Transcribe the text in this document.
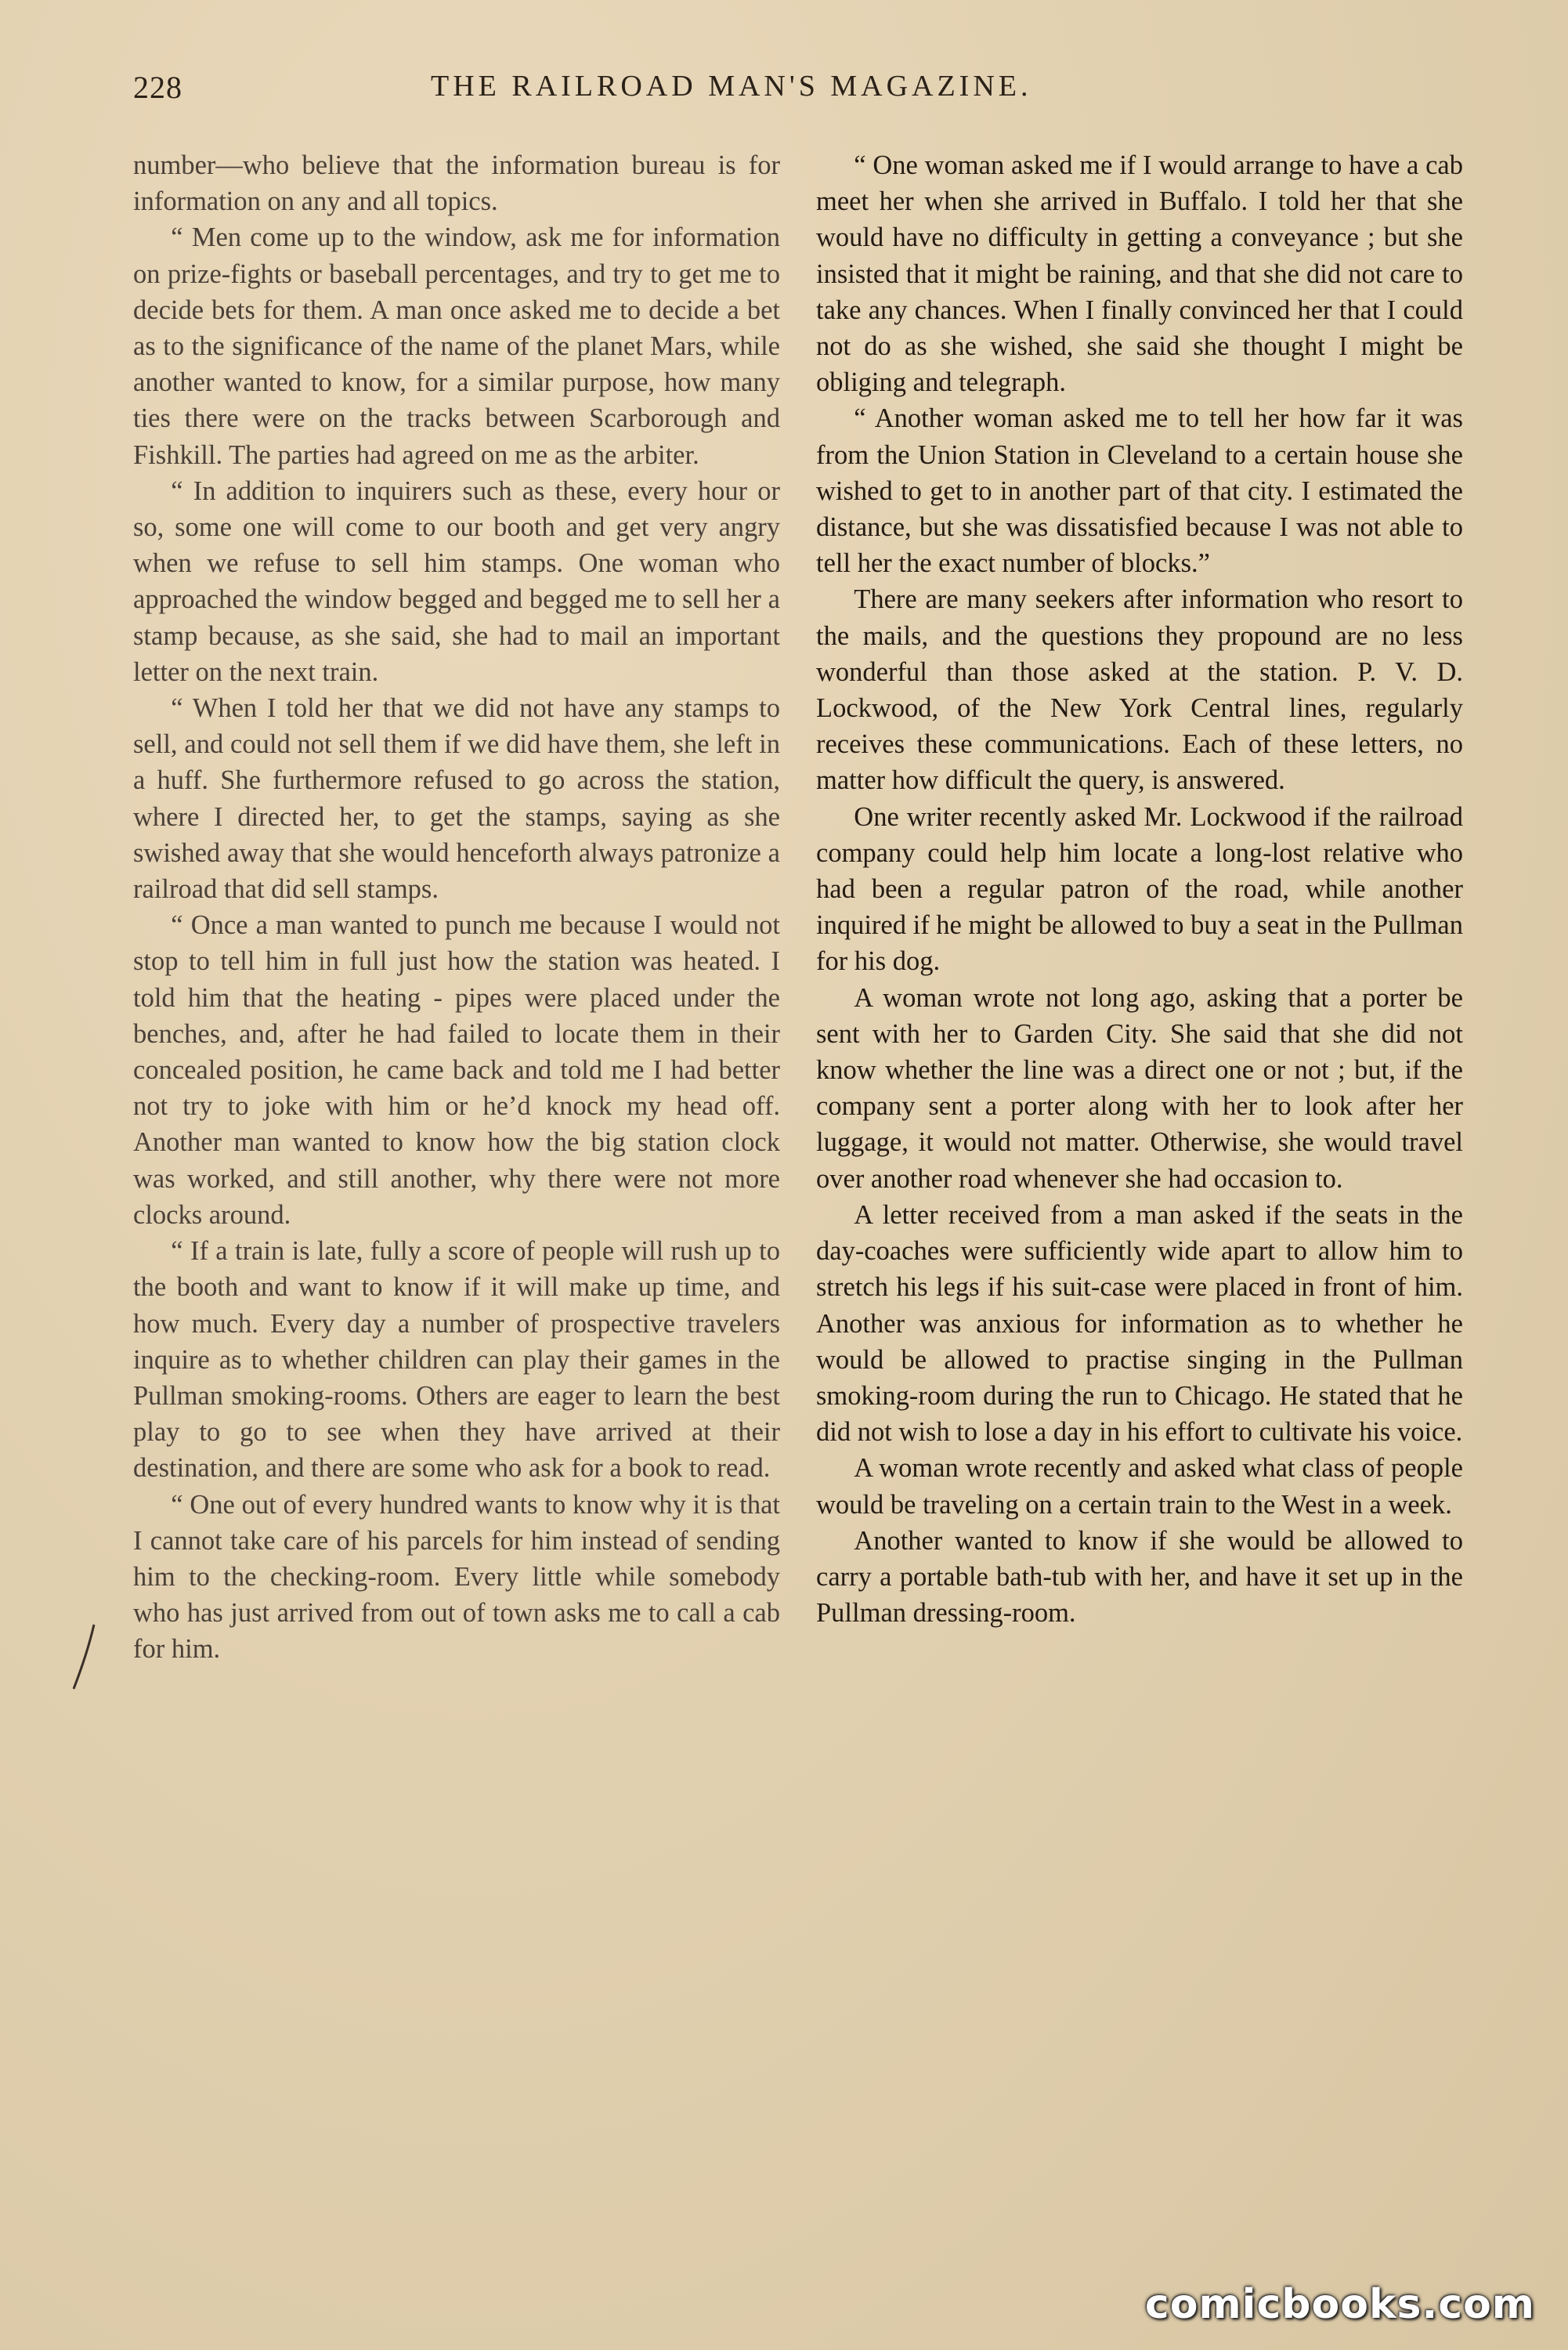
228	THE RAILROAD MAN'S MAGAZINE.

number—who believe that the information bureau is for information on any and all topics.

“ Men come up to the window, ask me for information on prize-fights or baseball percentages, and try to get me to decide bets for them. A man once asked me to decide a bet as to the significance of the name of the planet Mars, while another wanted to know, for a similar purpose, how many ties there were on the tracks between Scarborough and Fishkill. The parties had agreed on me as the arbiter.

“ In addition to inquirers such as these, every hour or so, some one will come to our booth and get very angry when we refuse to sell him stamps. One woman who approached the window begged and begged me to sell her a stamp because, as she said, she had to mail an important letter on the next train.

“ When I told her that we did not have any stamps to sell, and could not sell them if we did have them, she left in a huff. She furthermore refused to go across the station, where I directed her, to get the stamps, saying as she swished away that she would henceforth always patronize a railroad that did sell stamps.

“ Once a man wanted to punch me because I would not stop to tell him in full just how the station was heated. I told him that the heating - pipes were placed under the benches, and, after he had failed to locate them in their concealed position, he came back and told me I had better not try to joke with him or he’d knock my head off. Another man wanted to know how the big station clock was worked, and still another, why there were not more clocks around.

“ If a train is late, fully a score of people will rush up to the booth and want to know if it will make up time, and how much. Every day a number of prospective travelers inquire as to whether children can play their games in the Pullman smoking-rooms. Others are eager to learn the best play to go to see when they have arrived at their destination, and there are some who ask for a book to read.

“ One out of every hundred wants to know why it is that I cannot take care of his parcels for him instead of sending him to the checking-room. Every little while somebody who has just arrived from out of town asks me to call a cab for him.

“ One woman asked me if I would arrange to have a cab meet her when she arrived in Buffalo. I told her that she would have no difficulty in getting a conveyance ; but she insisted that it might be raining, and that she did not care to take any chances. When I finally convinced her that I could not do as she wished, she said she thought I might be obliging and telegraph.

“ Another woman asked me to tell her how far it was from the Union Station in Cleveland to a certain house she wished to get to in another part of that city. I estimated the distance, but she was dissatisfied because I was not able to tell her the exact number of blocks.”

There are many seekers after information who resort to the mails, and the questions they propound are no less wonderful than those asked at the station. P. V. D. Lockwood, of the New York Central lines, regularly receives these communications. Each of these letters, no matter how difficult the query, is answered.

One writer recently asked Mr. Lockwood if the railroad company could help him locate a long-lost relative who had been a regular patron of the road, while another inquired if he might be allowed to buy a seat in the Pullman for his dog.

A woman wrote not long ago, asking that a porter be sent with her to Garden City. She said that she did not know whether the line was a direct one or not ; but, if the company sent a porter along with her to look after her luggage, it would not matter. Otherwise, she would travel over another road whenever she had occasion to.

A letter received from a man asked if the seats in the day-coaches were sufficiently wide apart to allow him to stretch his legs if his suit-case were placed in front of him. Another was anxious for information as to whether he would be allowed to practise singing in the Pullman smoking-room during the run to Chicago. He stated that he did not wish to lose a day in his effort to cultivate his voice.

A woman wrote recently and asked what class of people would be traveling on a certain train to the West in a week.

Another wanted to know if she would be allowed to carry a portable bath-tub with her, and have it set up in the Pullman dressing-room.

comicbooks.com
